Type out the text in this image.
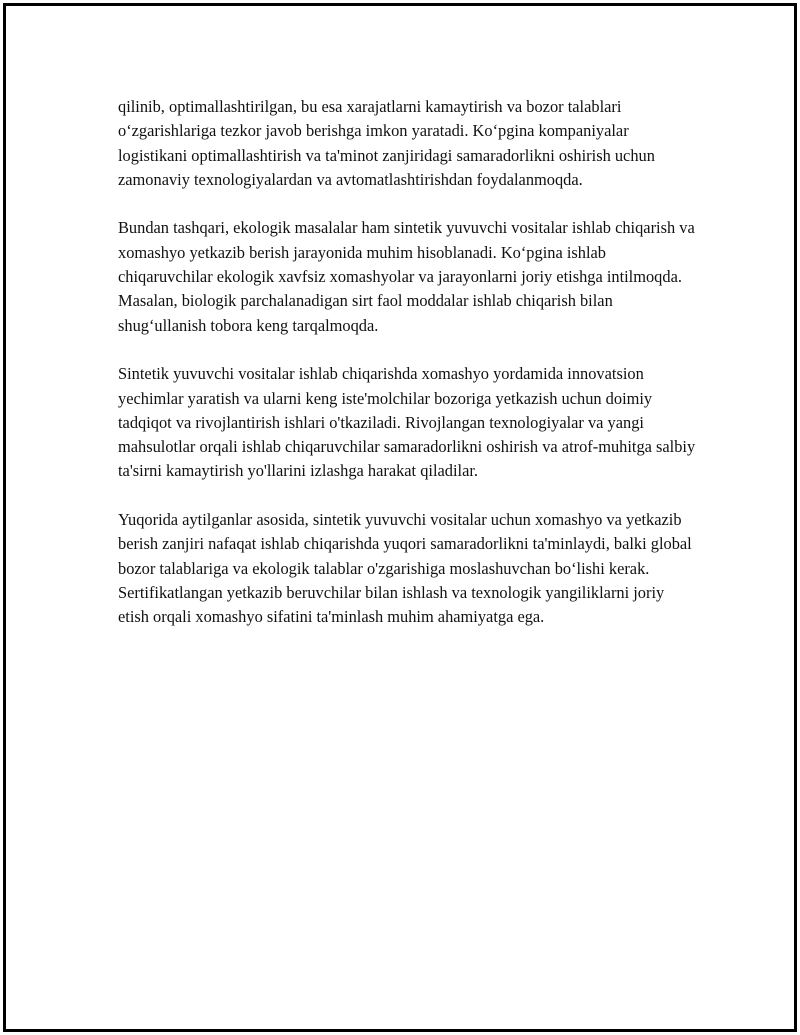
qilinib, optimallashtirilgan, bu esa xarajatlarni kamaytirish va bozor talablari o‘zgarishlariga tezkor javob berishga imkon yaratadi. Ko‘pgina kompaniyalar logistikani optimallashtirish va ta'minot zanjiridagi samaradorlikni oshirish uchun zamonaviy texnologiyalardan va avtomatlashtirishdan foydalanmoqda.

Bundan tashqari, ekologik masalalar ham sintetik yuvuvchi vositalar ishlab chiqarish va xomashyo yetkazib berish jarayonida muhim hisoblanadi. Ko‘pgina ishlab chiqaruvchilar ekologik xavfsiz xomashyolar va jarayonlarni joriy etishga intilmoqda. Masalan, biologik parchalanadigan sirt faol moddalar ishlab chiqarish bilan shug‘ullanish tobora keng tarqalmoqda.

Sintetik yuvuvchi vositalar ishlab chiqarishda xomashyo yordamida innovatsion yechimlar yaratish va ularni keng iste'molchilar bozoriga yetkazish uchun doimiy tadqiqot va rivojlantirish ishlari o'tkaziladi. Rivojlangan texnologiyalar va yangi mahsulotlar orqali ishlab chiqaruvchilar samaradorlikni oshirish va atrof-muhitga salbiy ta'sirni kamaytirish yo'llarini izlashga harakat qiladilar.

Yuqorida aytilganlar asosida, sintetik yuvuvchi vositalar uchun xomashyo va yetkazib berish zanjiri nafaqat ishlab chiqarishda yuqori samaradorlikni ta'minlaydi, balki global bozor talablariga va ekologik talablar o'zgarishiga moslashuvchan bo‘lishi kerak. Sertifikatlangan yetkazib beruvchilar bilan ishlash va texnologik yangiliklarni joriy etish orqali xomashyo sifatini ta'minlash muhim ahamiyatga ega.
